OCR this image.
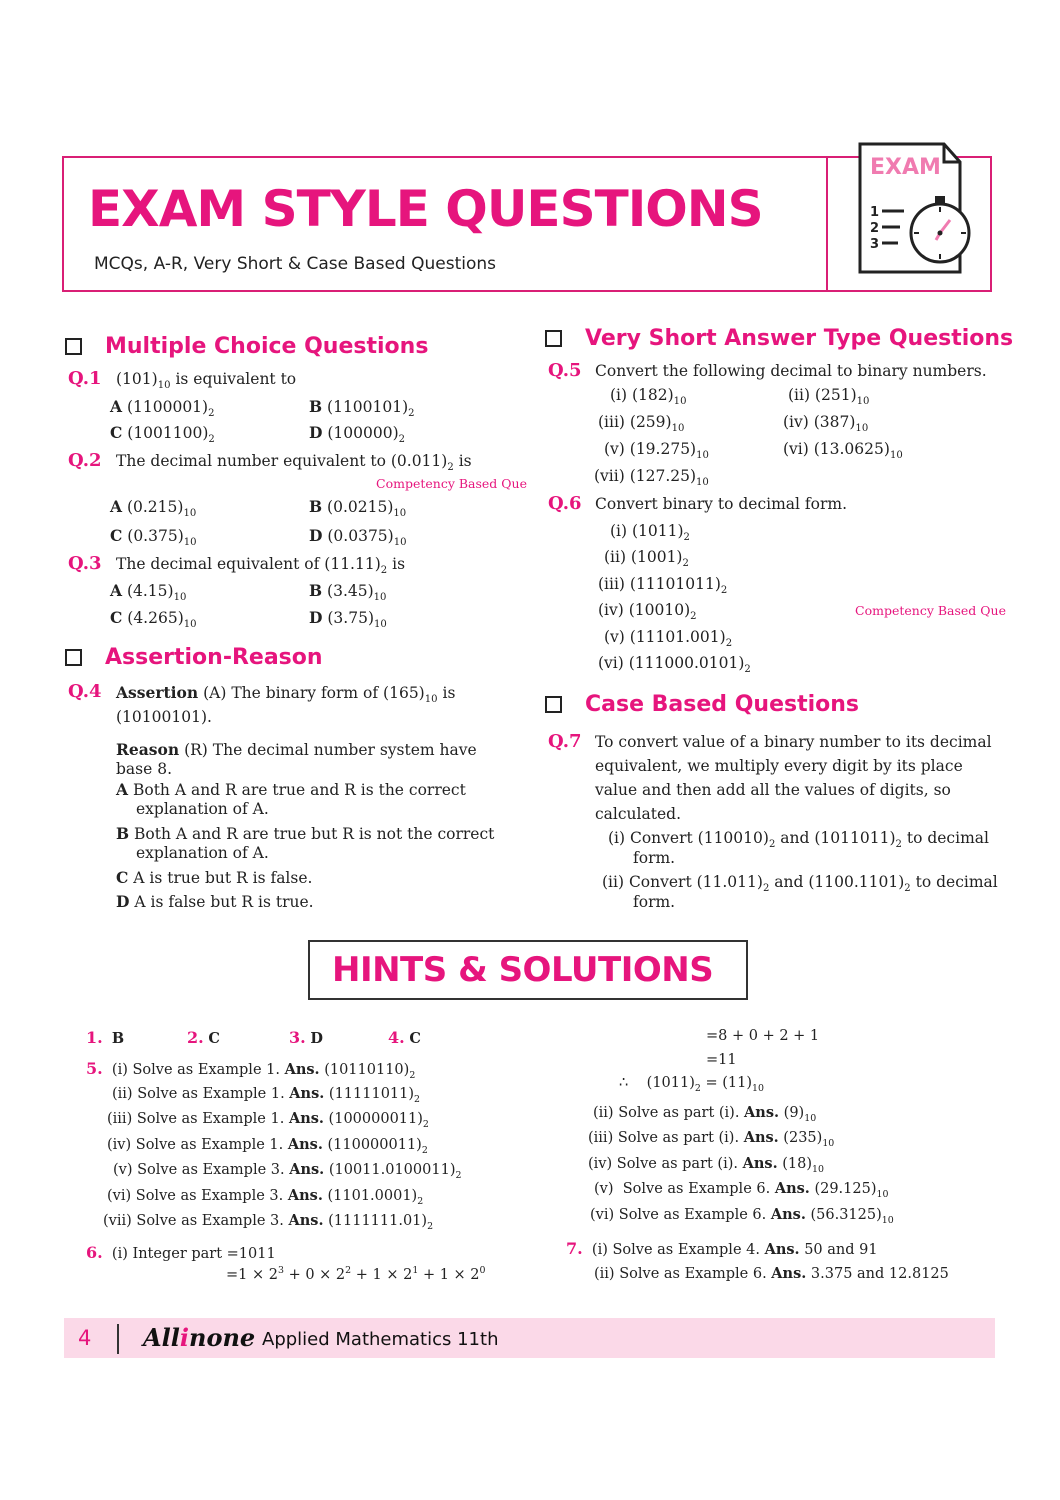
EXAM STYLE QUESTIONS
MCQs, A-R, Very Short & Case Based Questions
EXAM
1
2
3
Multiple Choice Questions
Q.1 $(101)_{10}$ is equivalent to
A $(1100001)_2$	B $(1100101)_2$
C $(1001100)_2$	D $(100000)_2$
Q.2 The decimal number equivalent to $(0.011)_2$ is
Competency Based Que
A $(0.215)_{10}$	B $(0.0215)_{10}$
C $(0.375)_{10}$	D $(0.0375)_{10}$
Q.3 The decimal equivalent of $(11.11)_2$ is
A $(4.15)_{10}$	B $(3.45)_{10}$
C $(4.265)_{10}$	D $(3.75)_{10}$
Assertion-Reason
Q.4 Assertion (A) The binary form of $(165)_{10}$ is
(10100101).
Reason (R) The decimal number system have
base 8.
A Both A and R are true and R is the correct
explanation of A.
B Both A and R are true but R is not the correct
explanation of A.
C A is true but R is false.
D A is false but R is true.
Very Short Answer Type Questions
Q.5 Convert the following decimal to binary numbers.
(i) $(182)_{10}$	(ii) $(251)_{10}$
(iii) $(259)_{10}$	(iv) $(387)_{10}$
(v) $(19.275)_{10}$	(vi) $(13.0625)_{10}$
(vii) $(127.25)_{10}$
Q.6 Convert binary to decimal form.
(i) $(1011)_2$
(ii) $(1001)_2$
(iii) $(11101011)_2$
(iv) $(10010)_2$	Competency Based Que
(v) $(11101.001)_2$
(vi) $(111000.0101)_2$
Case Based Questions
Q.7 To convert value of a binary number to its decimal
equivalent, we multiply every digit by its place
value and then add all the values of digits, so
calculated.
(i) Convert $(110010)_2$ and $(1011011)_2$ to decimal
form.
(ii) Convert $(11.011)_2$ and $(1100.1101)_2$ to decimal
form.
HINTS & SOLUTIONS
1. B	2. C	3. D	4. C
5.  (i) Solve as Example 1. Ans. $(10110110)_2$
(ii) Solve as Example 1. Ans. $(11111011)_2$
(iii) Solve as Example 1. Ans. $(100000011)_2$
(iv) Solve as Example 1. Ans. $(110000011)_2$
(v) Solve as Example 3. Ans. $(10011.0100011)_2$
(vi) Solve as Example 3. Ans. $(1101.0001)_2$
(vii) Solve as Example 3. Ans. $(1111111.01)_2$
6.  (i) Integer part =1011
$=1 \times 2^3 + 0 \times 2^2 + 1 \times 2^1 + 1 \times 2^0$
=8 + 0 + 2 + 1
=11
∴    $(1011)_2 = (11)_{10}$
(ii) Solve as part (i). Ans. $(9)_{10}$
(iii) Solve as part (i). Ans. $(235)_{10}$
(iv) Solve as part (i). Ans. $(18)_{10}$
(v)  Solve as Example 6. Ans. $(29.125)_{10}$
(vi) Solve as Example 6. Ans. $(56.3125)_{10}$
7.  (i) Solve as Example 4. Ans. 50 and 91
(ii) Solve as Example 6. Ans. 3.375 and 12.8125
4 Allinone Applied Mathematics 11th
